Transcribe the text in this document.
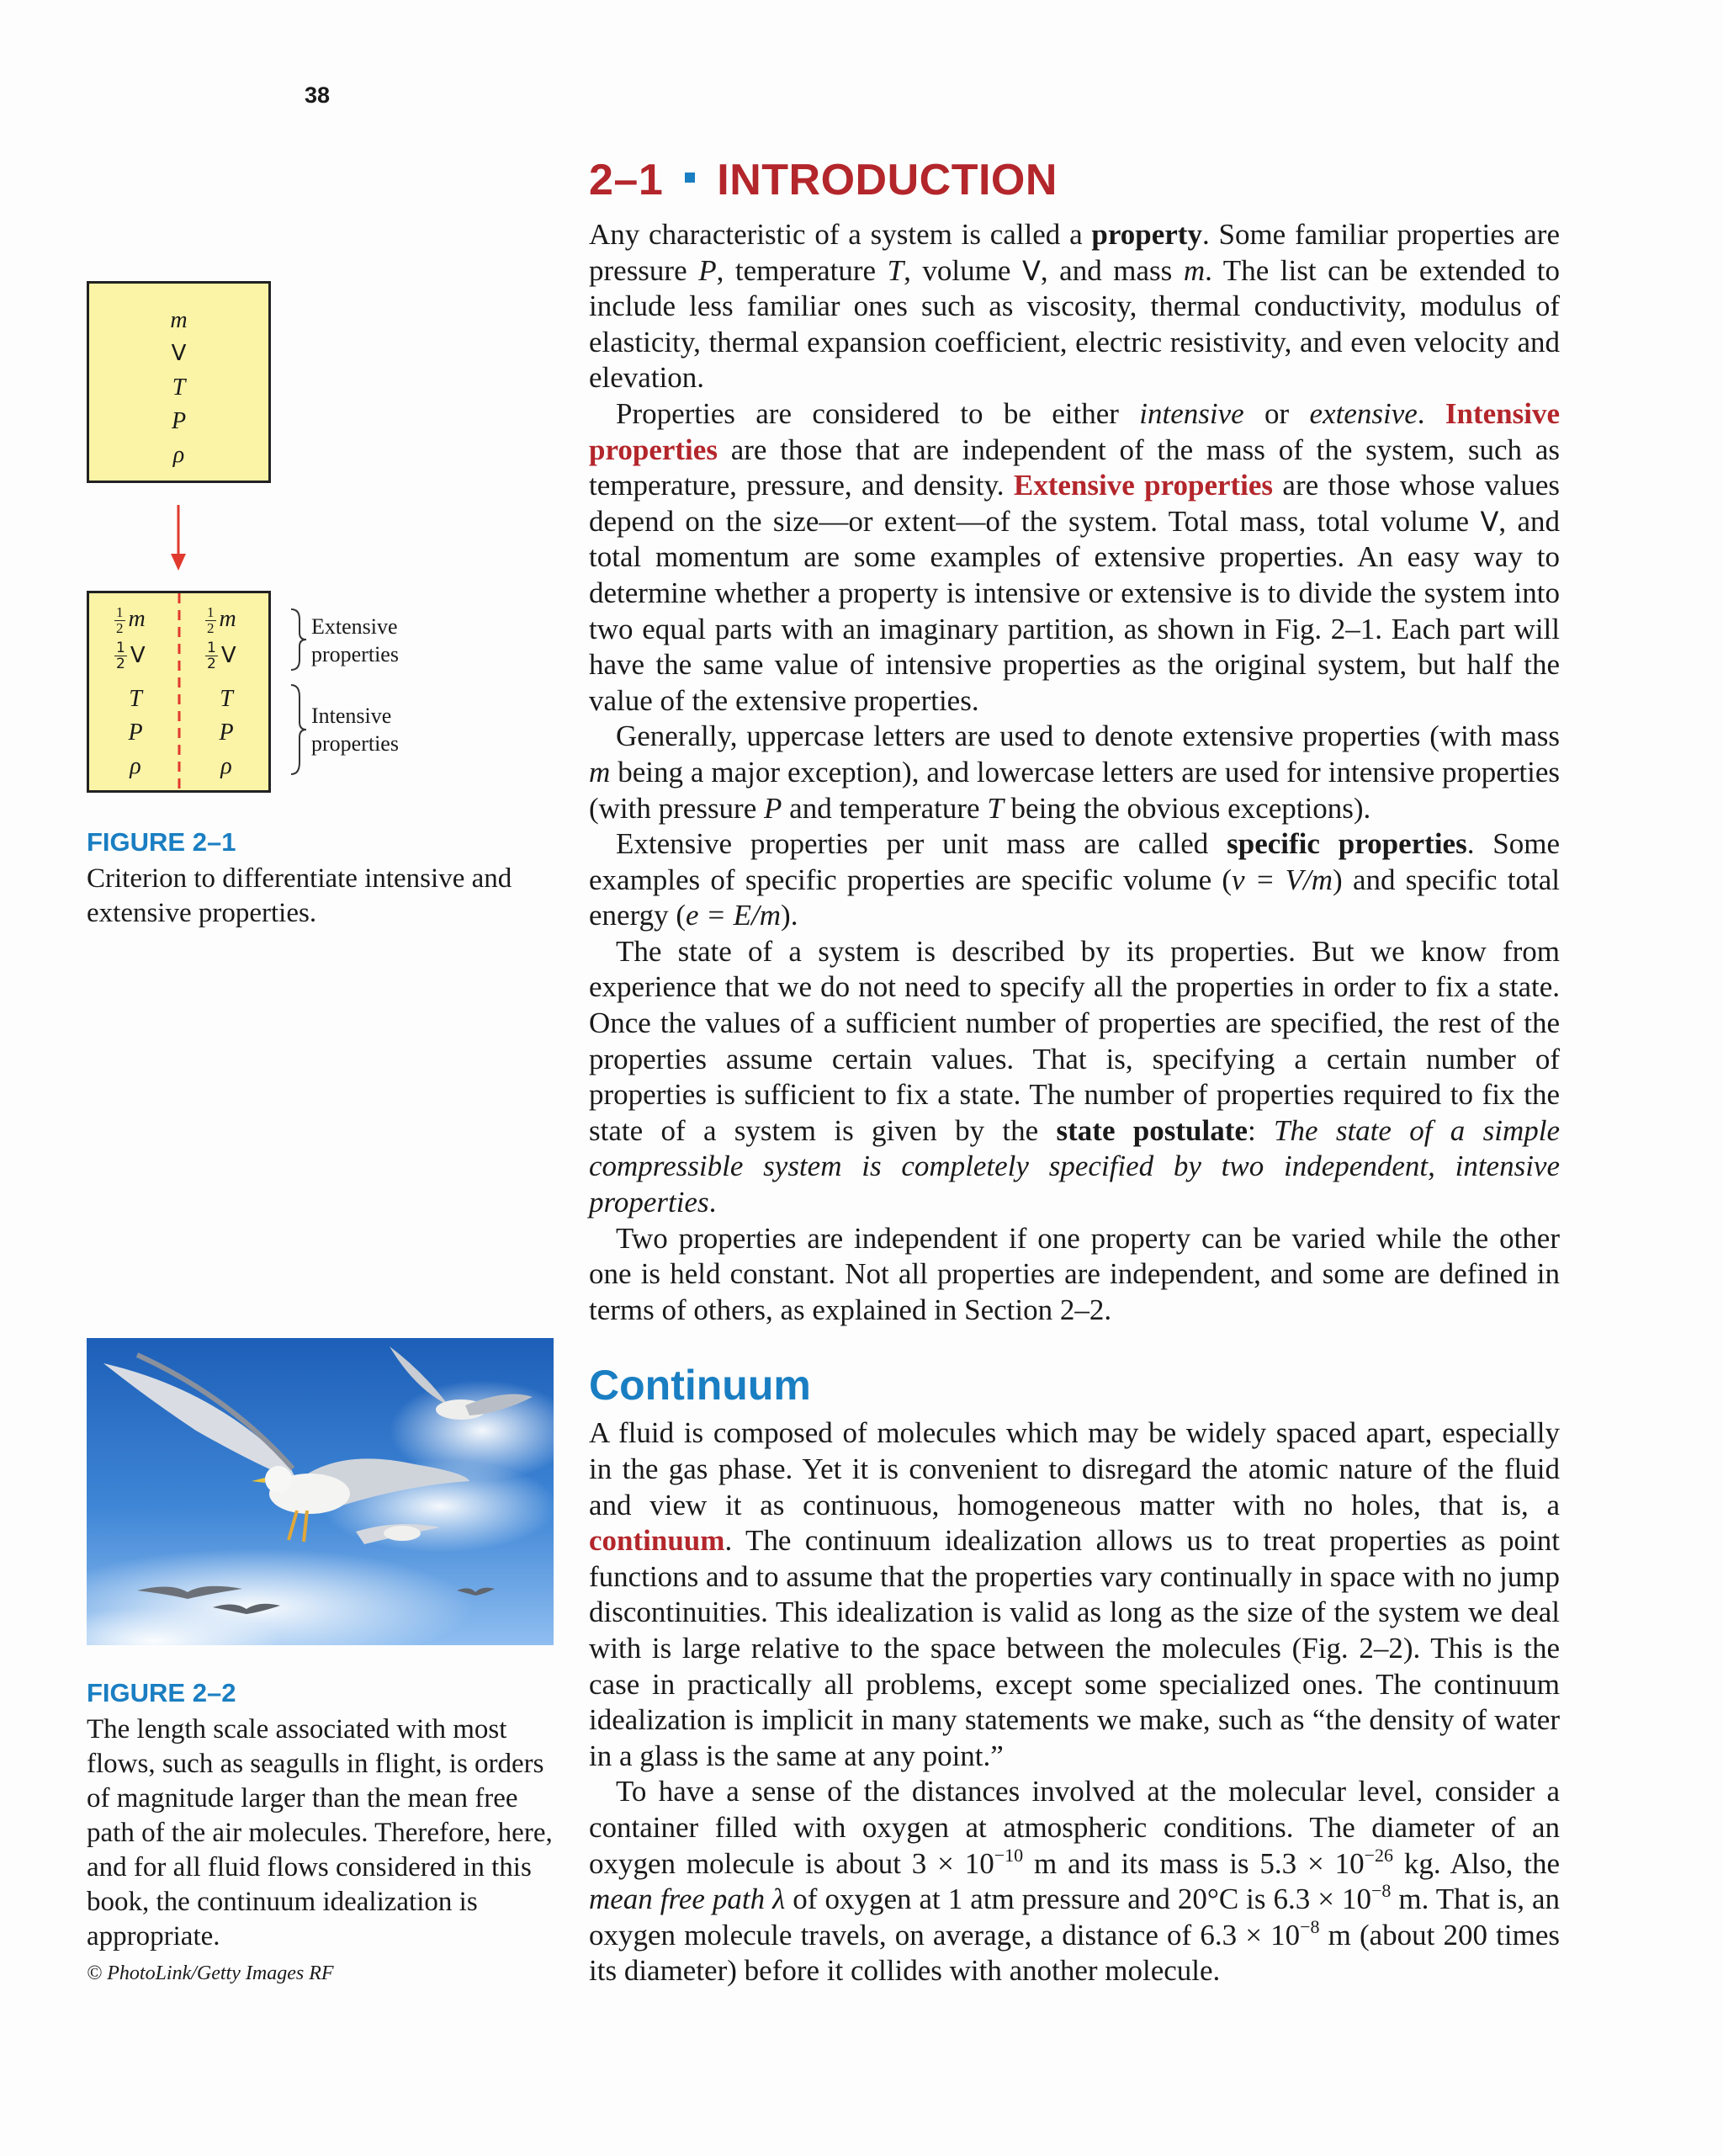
38
m
V
T
P
ρ
$\frac{1}{2}$ m
$\frac{1}{2}$ V
T
P
ρ
$\frac{1}{2}$ m
$\frac{1}{2}$ V
T
P
ρ
Extensive
properties
Intensive
properties
FIGURE 2–1
Criterion to differentiate intensive and extensive properties.
FIGURE 2–2
The length scale associated with most flows, such as seagulls in flight, is orders of magnitude larger than the mean free path of the air molecules. Therefore, here, and for all fluid flows considered in this book, the continuum idealization is appropriate.
© PhotoLink/Getty Images RF
2–1 INTRODUCTION

Any characteristic of a system is called a property. Some familiar properties are pressure P, temperature T, volume V, and mass m. The list can be extended to include less familiar ones such as viscosity, thermal conductivity, modulus of elasticity, thermal expansion coefficient, electric resistivity, and even velocity and elevation.

Properties are considered to be either intensive or extensive. Intensive properties are those that are independent of the mass of the system, such as temperature, pressure, and density. Extensive properties are those whose values depend on the size—or extent—of the system. Total mass, total volume V, and total momentum are some examples of extensive properties. An easy way to determine whether a property is intensive or extensive is to divide the system into two equal parts with an imaginary partition, as shown in Fig. 2–1. Each part will have the same value of intensive properties as the original system, but half the value of the extensive properties.

Generally, uppercase letters are used to denote extensive properties (with mass m being a major exception), and lowercase letters are used for intensive properties (with pressure P and temperature T being the obvious exceptions).

Extensive properties per unit mass are called specific properties. Some examples of specific properties are specific volume (v = V/m) and specific total energy (e = E/m).

The state of a system is described by its properties. But we know from experience that we do not need to specify all the properties in order to fix a state. Once the values of a sufficient number of properties are specified, the rest of the properties assume certain values. That is, specifying a certain number of properties is sufficient to fix a state. The number of properties required to fix the state of a system is given by the state postulate: The state of a simple compressible system is completely specified by two independent, intensive properties.

Two properties are independent if one property can be varied while the other one is held constant. Not all properties are independent, and some are defined in terms of others, as explained in Section 2–2.

Continuum

A fluid is composed of molecules which may be widely spaced apart, especially in the gas phase. Yet it is convenient to disregard the atomic nature of the fluid and view it as continuous, homogeneous matter with no holes, that is, a continuum. The continuum idealization allows us to treat properties as point functions and to assume that the properties vary continually in space with no jump discontinuities. This idealization is valid as long as the size of the system we deal with is large relative to the space between the molecules (Fig. 2–2). This is the case in practically all problems, except some specialized ones. The continuum idealization is implicit in many statements we make, such as “the density of water in a glass is the same at any point.”

To have a sense of the distances involved at the molecular level, consider a container filled with oxygen at atmospheric conditions. The diameter of an oxygen molecule is about $3 \times 10^{-10}$ m and its mass is $5.3 \times 10^{-26}$ kg. Also, the mean free path λ of oxygen at 1 atm pressure and 20°C is $6.3 \times 10^{-8}$ m. That is, an oxygen molecule travels, on average, a distance of $6.3 \times 10^{-8}$ m (about 200 times its diameter) before it collides with another molecule.
